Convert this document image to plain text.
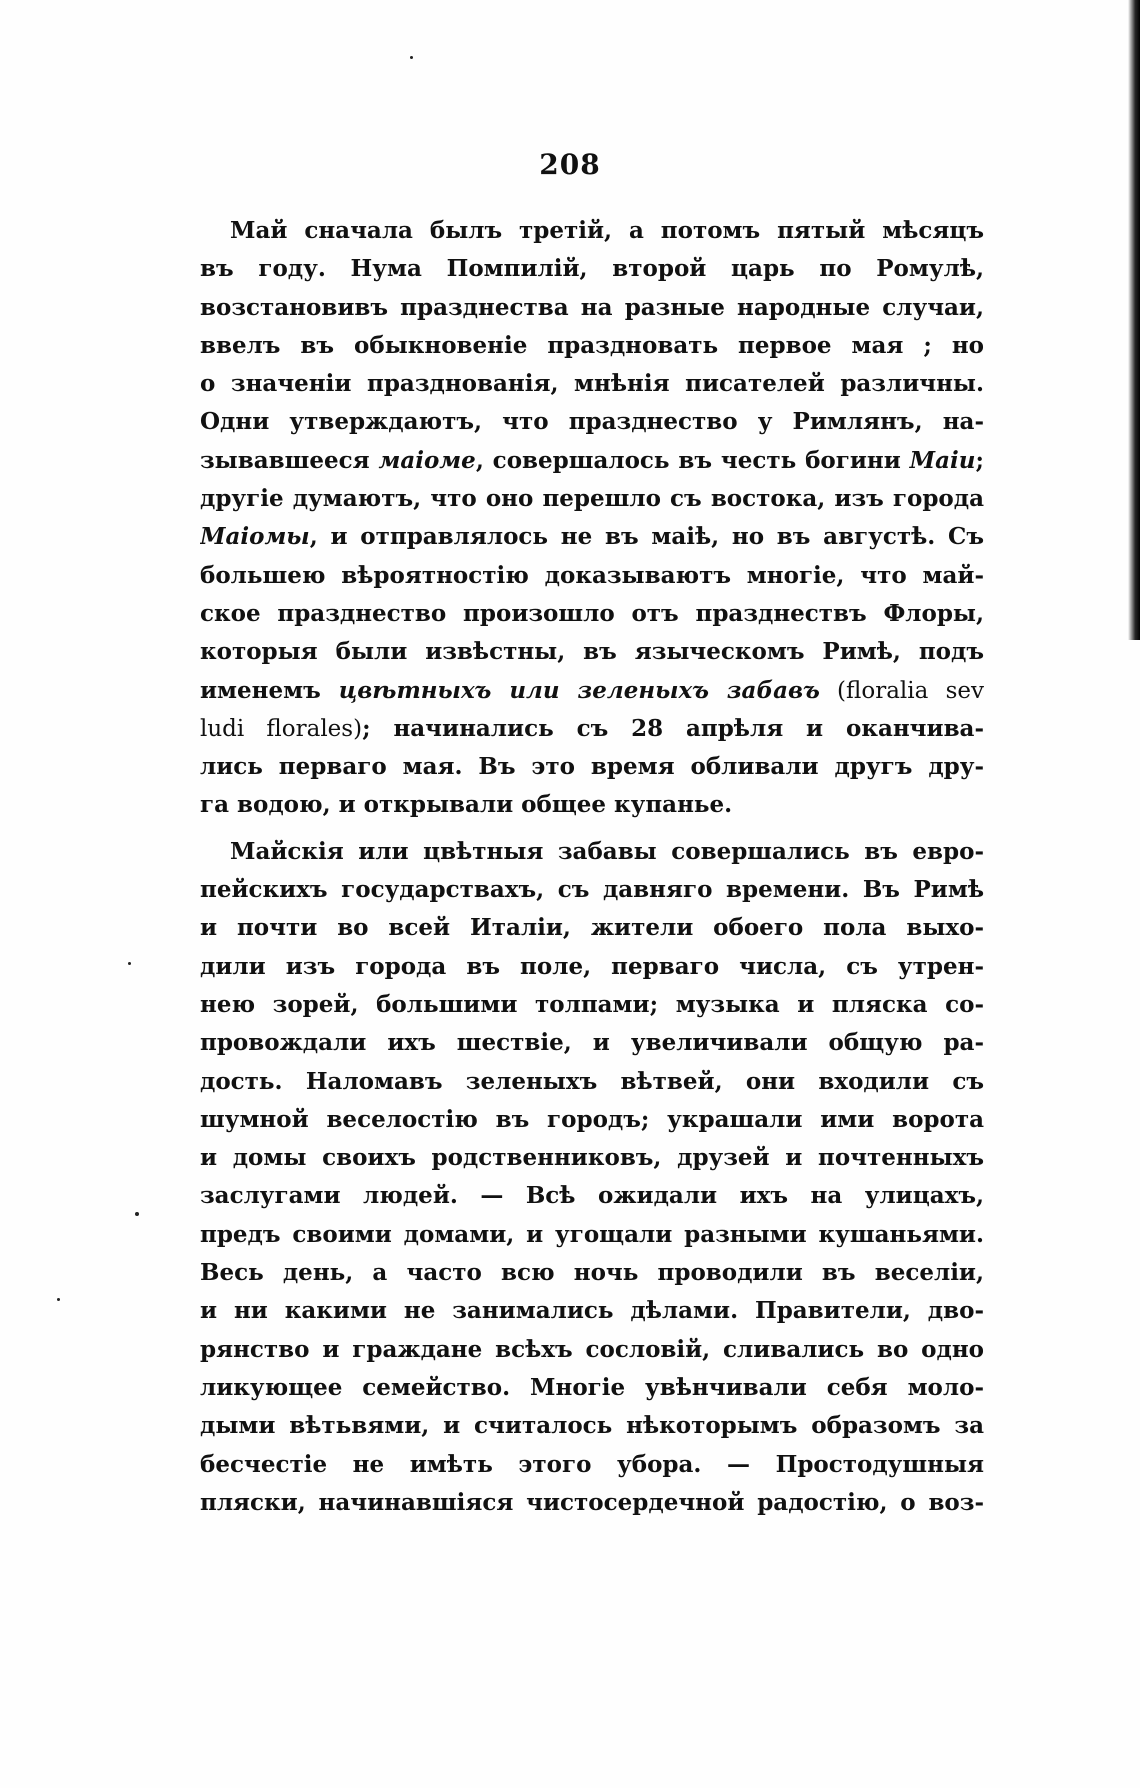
208
Май сначала былъ третій, а потомъ пятый мѣсяцъ
въ году. Нума Помпилій, второй царь по Ромулѣ,
возстановивъ празднества на разные народные случаи,
ввелъ въ обыкновеніе праздновать первое мая ; но
о значеніи празднованія, мнѣнія писателей различны.
Одни утверждаютъ, что празднество у Римлянъ, на-
зывавшееся маіоме, совершалось въ честь богини Маіи;
другіе думаютъ, что оно перешло съ востока, изъ города
Маіомы, и отправлялось не въ маіѣ, но въ августѣ. Съ
большею вѣроятностію доказываютъ многіе, что май-
ское празднество произошло отъ празднествъ Флоры,
которыя были извѣстны, въ языческомъ Римѣ, подъ
именемъ цвѣтныхъ или зеленыхъ забавъ (floralia sev
ludi florales); начинались съ 28 апрѣля и оканчива-
лись перваго мая. Въ это время обливали другъ дру-
га водою, и открывали общее купанье.
Майскія или цвѣтныя забавы совершались въ евро-
пейскихъ государствахъ, съ давняго времени. Въ Римѣ
и почти во всей Италіи, жители обоего пола выхо-
дили изъ города въ поле, перваго числа, съ утрен-
нею зорей, большими толпами; музыка и пляска со-
провождали ихъ шествіе, и увеличивали общую ра-
дость. Наломавъ зеленыхъ вѣтвей, они входили съ
шумной веселостію въ городъ; украшали ими ворота
и домы своихъ родственниковъ, друзей и почтенныхъ
заслугами людей. — Всѣ ожидали ихъ на улицахъ,
предъ своими домами, и угощали разными кушаньями.
Весь день, а часто всю ночь проводили въ веселіи,
и ни какими не занимались дѣлами. Правители, дво-
рянство и граждане всѣхъ сословій, сливались во одно
ликующее семейство. Многіе увѣнчивали себя моло-
дыми вѣтьвями, и считалось нѣкоторымъ образомъ за
бесчестіе не имѣть этого убора. — Простодушныя
пляски, начинавшіяся чистосердечной радостію, о воз-
